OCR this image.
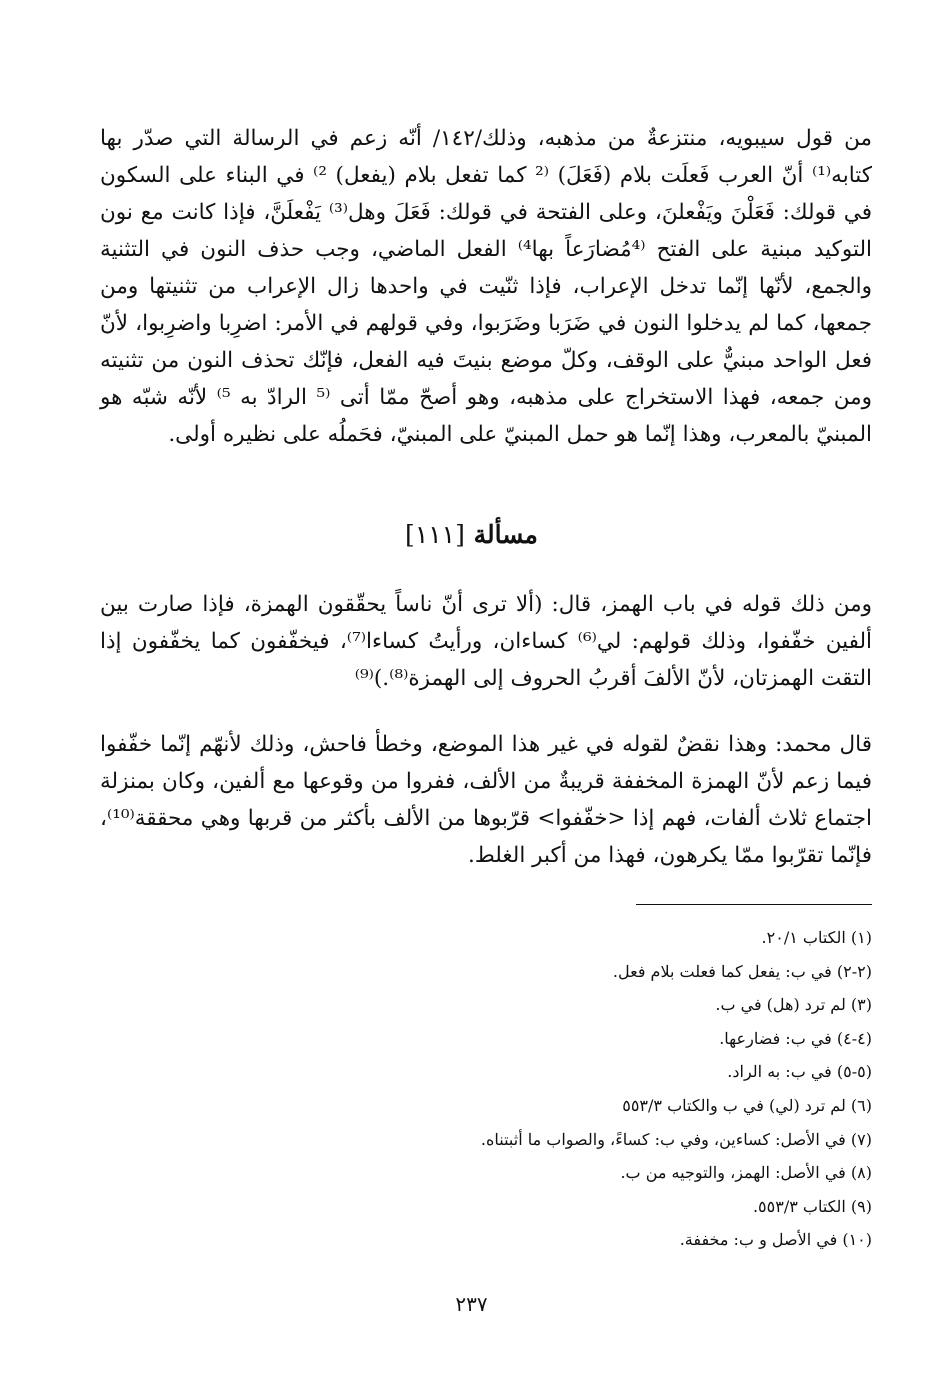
من قول سيبويه، منتزعةٌ من مذهبه، وذلك/١٤٢/ أنّه زعم في الرسالة التي صدّر بها كتابه⁽¹⁾ أنّ العرب فَعلَت بلام (فَعَلَ) ⁽² كما تفعل بلام (يفعل) ²⁾ في البناء على السكون في قولك: فَعَلْنَ ويَفْعلنَ، وعلى الفتحة في قولك: فَعَلَ وهل⁽³⁾ يَفْعلَنَّ، فإذا كانت مع نون التوكيد مبنية على الفتح ⁽⁴مُضارَعاً بها⁴⁾ الفعل الماضي، وجب حذف النون في التثنية والجمع، لأنّها إنّما تدخل الإعراب، فإذا ثنّيت في واحدها زال الإعراب من تثنيتها ومن جمعها، كما لم يدخلوا النون في ضَرَبا وضَرَبوا، وفي قولهم في الأمر: اضرِبا واضرِبوا، لأنّ فعل الواحد مبنيٌّ على الوقف، وكلّ موضع بنيتَ فيه الفعل، فإنّك تحذف النون من تثنيته ومن جمعه، فهذا الاستخراج على مذهبه، وهو أصحّ ممّا أتى ⁽⁵ الرادّ به ⁵⁾ لأنّه شبّه هو المبنيّ بالمعرب، وهذا إنّما هو حمل المبنيّ على المبنيّ، فحَملُه على نظيره أولى.

مسألة [١١١]

ومن ذلك قوله في باب الهمز، قال: (ألا ترى أنّ ناساً يحقّقون الهمزة، فإذا صارت بين ألفين خفّفوا، وذلك قولهم: لي⁽⁶⁾ كساءان، ورأيتُ كساءا⁽⁷⁾، فيخفّفون كما يخفّفون إذا التقت الهمزتان، لأنّ الألفَ أقربُ الحروف إلى الهمزة⁽⁸⁾.)⁽⁹⁾

قال محمد: وهذا نقضٌ لقوله في غير هذا الموضع، وخطأ فاحش، وذلك لأنهّم إنّما خفّفوا فيما زعم لأنّ الهمزة المخففة قريبةٌ من الألف، ففروا من وقوعها مع ألفين، وكان بمنزلة اجتماع ثلاث ألفات، فهم إذا <خفّفوا> قرّبوها من الألف بأكثر من قربها وهي محققة⁽¹⁰⁾، فإنّما تقرّبوا ممّا يكرهون، فهذا من أكبر الغلط.

(١) الكتاب ٢٠/١.
(٢-٢) في ب: يفعل كما فعلت بلام فعل.
(٣) لم ترد (هل) في ب.
(٤-٤) في ب: فضارعها.
(٥-٥) في ب: به الراد.
(٦) لم ترد (لي) في ب والكتاب ٥٥٣/٣
(٧) في الأصل: كساءين، وفي ب: كساءً، والصواب ما أثبتناه.
(٨) في الأصل: الهمز، والتوجيه من ب.
(٩) الكتاب ٥٥٣/٣.
(١٠) في الأصل و ب: مخففة.
٢٣٧
